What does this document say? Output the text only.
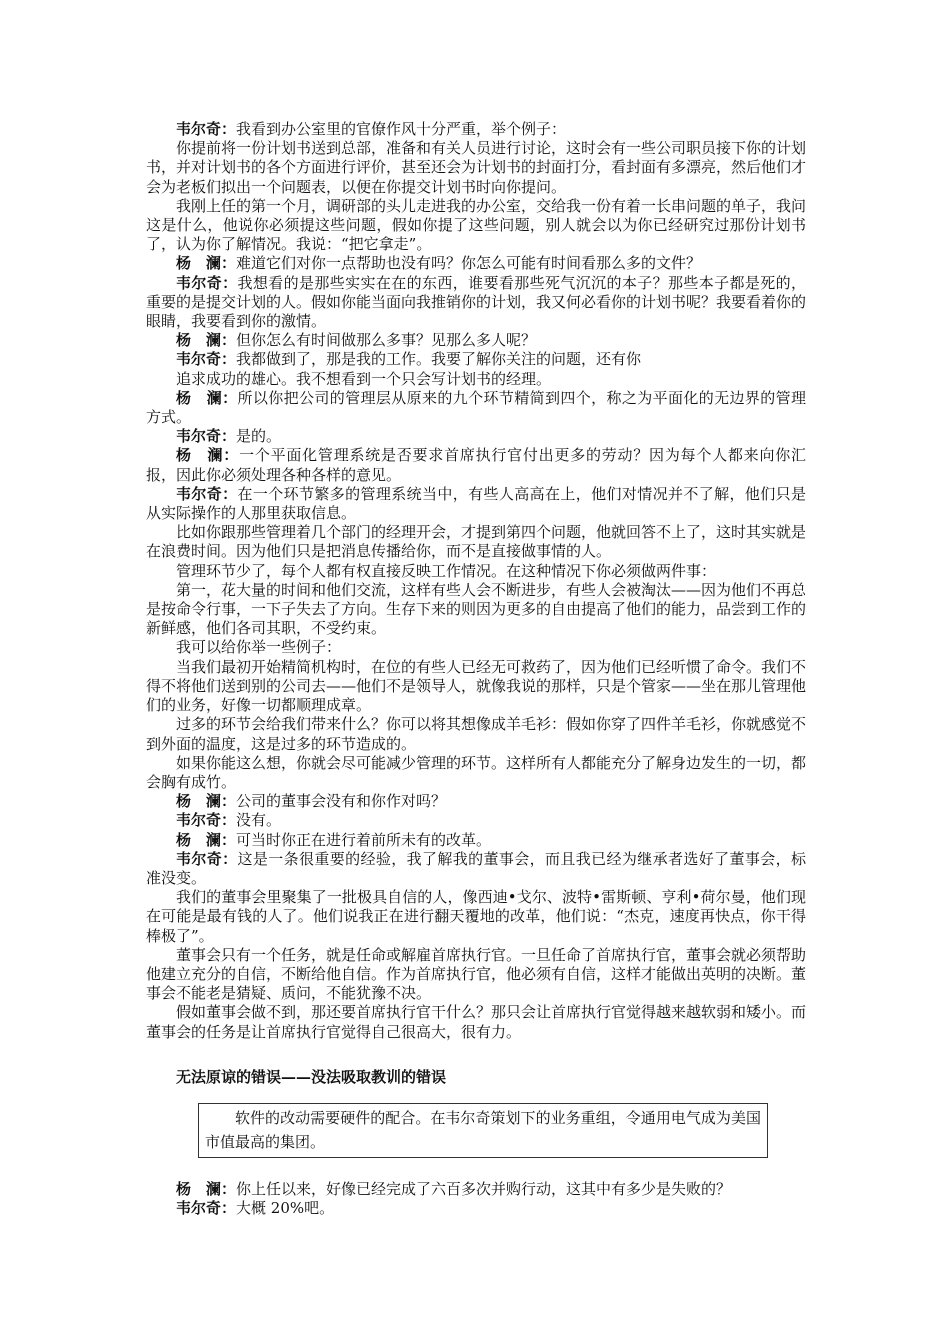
韦尔奇：我看到办公室里的官僚作风十分严重，举个例子：

你提前将一份计划书送到总部，准备和有关人员进行讨论，这时会有一些公司职员接下你的计划书，并对计划书的各个方面进行评价，甚至还会为计划书的封面打分，看封面有多漂亮，然后他们才会为老板们拟出一个问题表，以便在你提交计划书时向你提问。

我刚上任的第一个月，调研部的头儿走进我的办公室，交给我一份有着一长串问题的单子，我问这是什么，他说你必须提这些问题，假如你提了这些问题，别人就会以为你已经研究过那份计划书了，认为你了解情况。我说：“把它拿走”。

杨　澜：难道它们对你一点帮助也没有吗？你怎么可能有时间看那么多的文件？

韦尔奇：我想看的是那些实实在在的东西，谁要看那些死气沉沉的本子？那些本子都是死的，重要的是提交计划的人。假如你能当面向我推销你的计划，我又何必看你的计划书呢？我要看着你的眼睛，我要看到你的激情。

杨　澜：但你怎么有时间做那么多事？见那么多人呢？

韦尔奇：我都做到了，那是我的工作。我要了解你关注的问题，还有你

追求成功的雄心。我不想看到一个只会写计划书的经理。

杨　澜：所以你把公司的管理层从原来的九个环节精简到四个，称之为平面化的无边界的管理方式。

韦尔奇：是的。

杨　澜：一个平面化管理系统是否要求首席执行官付出更多的劳动？因为每个人都来向你汇报，因此你必须处理各种各样的意见。

韦尔奇：在一个环节繁多的管理系统当中，有些人高高在上，他们对情况并不了解，他们只是从实际操作的人那里获取信息。

比如你跟那些管理着几个部门的经理开会，才提到第四个问题，他就回答不上了，这时其实就是在浪费时间。因为他们只是把消息传播给你，而不是直接做事情的人。

管理环节少了，每个人都有权直接反映工作情况。在这种情况下你必须做两件事：

第一，花大量的时间和他们交流，这样有些人会不断进步，有些人会被淘汰——因为他们不再总是按命令行事，一下子失去了方向。生存下来的则因为更多的自由提高了他们的能力，品尝到工作的新鲜感，他们各司其职，不受约束。

我可以给你举一些例子：

当我们最初开始精简机构时，在位的有些人已经无可救药了，因为他们已经听惯了命令。我们不得不将他们送到别的公司去——他们不是领导人，就像我说的那样，只是个管家——坐在那儿管理他们的业务，好像一切都顺理成章。

过多的环节会给我们带来什么？你可以将其想像成羊毛衫：假如你穿了四件羊毛衫，你就感觉不到外面的温度，这是过多的环节造成的。

如果你能这么想，你就会尽可能减少管理的环节。这样所有人都能充分了解身边发生的一切，都会胸有成竹。

杨　澜：公司的董事会没有和你作对吗？

韦尔奇：没有。

杨　澜：可当时你正在进行着前所未有的改革。

韦尔奇：这是一条很重要的经验，我了解我的董事会，而且我已经为继承者选好了董事会，标准没变。

我们的董事会里聚集了一批极具自信的人，像西迪•戈尔、波特•雷斯顿、亨利•荷尔曼，他们现在可能是最有钱的人了。他们说我正在进行翻天覆地的改革，他们说：“杰克，速度再快点，你干得棒极了”。

董事会只有一个任务，就是任命或解雇首席执行官。一旦任命了首席执行官，董事会就必须帮助他建立充分的自信，不断给他自信。作为首席执行官，他必须有自信，这样才能做出英明的决断。董事会不能老是猜疑、质问，不能犹豫不决。

假如董事会做不到，那还要首席执行官干什么？那只会让首席执行官觉得越来越软弱和矮小。而董事会的任务是让首席执行官觉得自己很高大，很有力。

无法原谅的错误——没法吸取教训的错误

软件的改动需要硬件的配合。在韦尔奇策划下的业务重组，令通用电气成为美国市值最高的集团。

杨　澜：你上任以来，好像已经完成了六百多次并购行动，这其中有多少是失败的？

韦尔奇：大概 20%吧。
